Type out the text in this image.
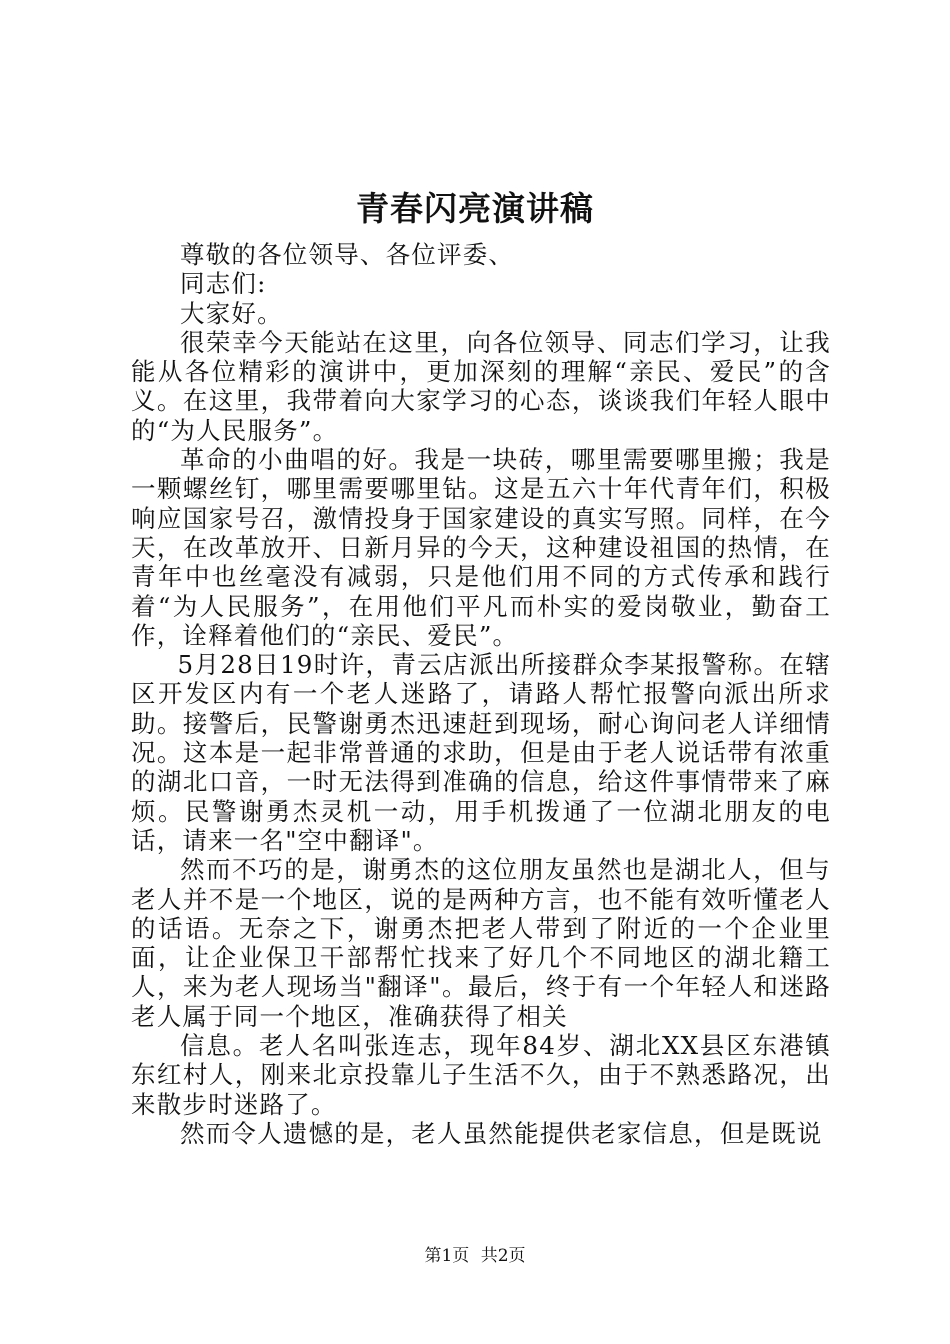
青春闪亮演讲稿

尊敬的各位领导、各位评委、

同志们:

大家好。

很荣幸今天能站在这里，向各位领导、同志们学习，让我能从各位精彩的演讲中，更加深刻的理解“亲民、爱民”的含义。在这里，我带着向大家学习的心态，谈谈我们年轻人眼中的“为人民服务”。

革命的小曲唱的好。我是一块砖，哪里需要哪里搬；我是一颗螺丝钉，哪里需要哪里钻。这是五六十年代青年们，积极响应国家号召，激情投身于国家建设的真实写照。同样，在今天，在改革放开、日新月异的今天，这种建设祖国的热情，在青年中也丝毫没有减弱，只是他们用不同的方式传承和践行着“为人民服务”，在用他们平凡而朴实的爱岗敬业，勤奋工作，诠释着他们的“亲民、爱民”。

5月28日19时许，青云店派出所接群众李某报警称。在辖区开发区内有一个老人迷路了，请路人帮忙报警向派出所求助。接警后，民警谢勇杰迅速赶到现场，耐心询问老人详细情况。这本是一起非常普通的求助，但是由于老人说话带有浓重的湖北口音，一时无法得到准确的信息，给这件事情带来了麻烦。民警谢勇杰灵机一动，用手机拨通了一位湖北朋友的电话，请来一名"空中翻译"。

然而不巧的是，谢勇杰的这位朋友虽然也是湖北人，但与老人并不是一个地区，说的是两种方言，也不能有效听懂老人的话语。无奈之下，谢勇杰把老人带到了附近的一个企业里面，让企业保卫干部帮忙找来了好几个不同地区的湖北籍工人，来为老人现场当"翻译"。最后，终于有一个年轻人和迷路老人属于同一个地区，准确获得了相关

信息。老人名叫张连志，现年84岁、湖北XX县区东港镇东红村人，刚来北京投靠儿子生活不久，由于不熟悉路况，出来散步时迷路了。

然而令人遗憾的是，老人虽然能提供老家信息，但是既说

第1页 共2页
